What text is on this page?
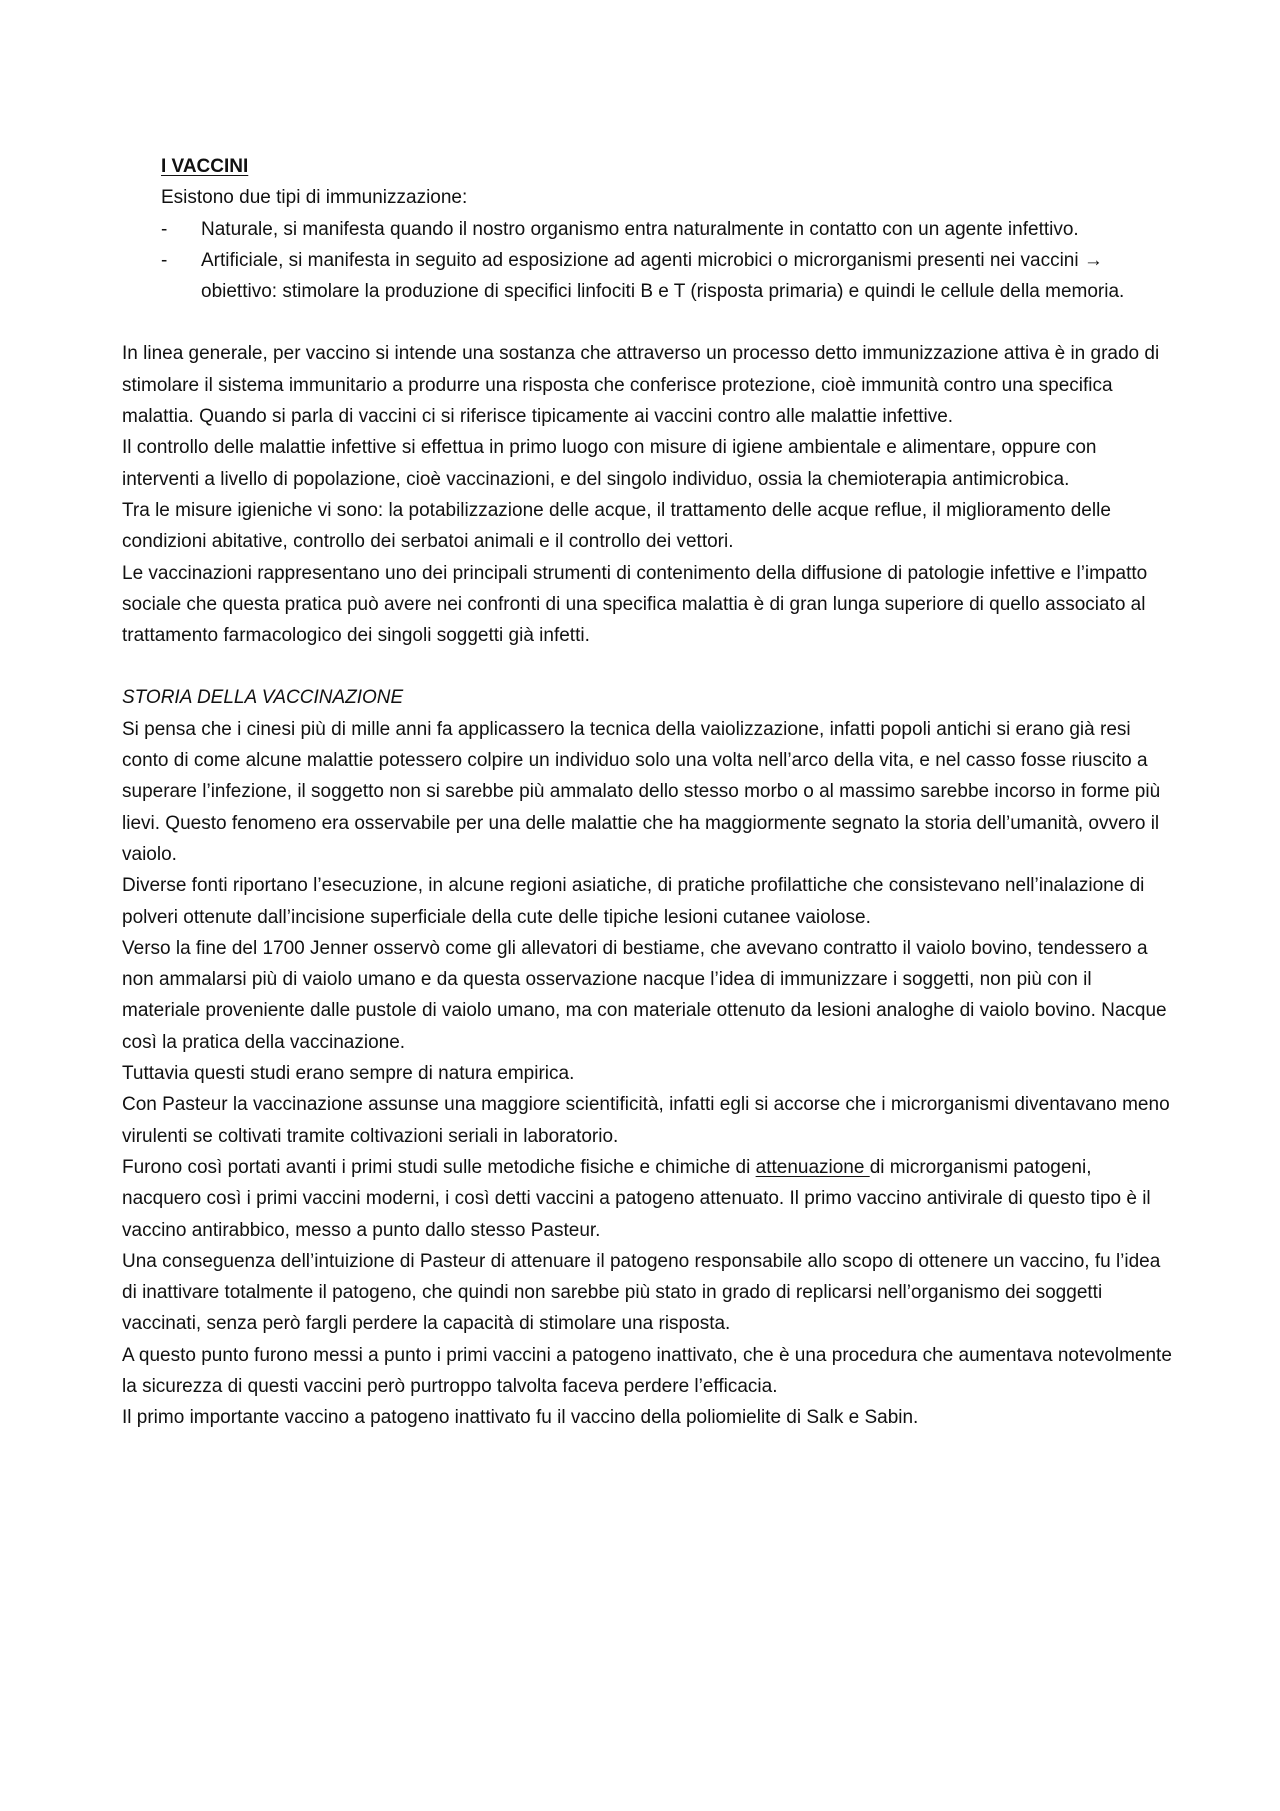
I VACCINI

Esistono due tipi di immunizzazione:

- Naturale, si manifesta quando il nostro organismo entra naturalmente in contatto con un agente infettivo.
- Artificiale, si manifesta in seguito ad esposizione ad agenti microbici o microrganismi presenti nei vaccini → obiettivo: stimolare la produzione di specifici linfociti B e T (risposta primaria) e quindi le cellule della memoria.

In linea generale, per vaccino si intende una sostanza che attraverso un processo detto immunizzazione attiva è in grado di stimolare il sistema immunitario a produrre una risposta che conferisce protezione, cioè immunità contro una specifica malattia. Quando si parla di vaccini ci si riferisce tipicamente ai vaccini contro alle malattie infettive.

Il controllo delle malattie infettive si effettua in primo luogo con misure di igiene ambientale e alimentare, oppure con interventi a livello di popolazione, cioè vaccinazioni, e del singolo individuo, ossia la chemioterapia antimicrobica.

Tra le misure igieniche vi sono: la potabilizzazione delle acque, il trattamento delle acque reflue, il miglioramento delle condizioni abitative, controllo dei serbatoi animali e il controllo dei vettori.

Le vaccinazioni rappresentano uno dei principali strumenti di contenimento della diffusione di patologie infettive e l’impatto sociale che questa pratica può avere nei confronti di una specifica malattia è di gran lunga superiore di quello associato al trattamento farmacologico dei singoli soggetti già infetti.

STORIA DELLA VACCINAZIONE

Si pensa che i cinesi più di mille anni fa applicassero la tecnica della vaiolizzazione, infatti popoli antichi si erano già resi conto di come alcune malattie potessero colpire un individuo solo una volta nell’arco della vita, e nel casso fosse riuscito a superare l’infezione, il soggetto non si sarebbe più ammalato dello stesso morbo o al massimo sarebbe incorso in forme più lievi. Questo fenomeno era osservabile per una delle malattie che ha maggiormente segnato la storia dell’umanità, ovvero il vaiolo.

Diverse fonti riportano l’esecuzione, in alcune regioni asiatiche, di pratiche profilattiche che consistevano nell’inalazione di polveri ottenute dall’incisione superficiale della cute delle tipiche lesioni cutanee vaiolose.

Verso la fine del 1700 Jenner osservò come gli allevatori di bestiame, che avevano contratto il vaiolo bovino, tendessero a non ammalarsi più di vaiolo umano e da questa osservazione nacque l’idea di immunizzare i soggetti, non più con il materiale proveniente dalle pustole di vaiolo umano, ma con materiale ottenuto da lesioni analoghe di vaiolo bovino. Nacque così la pratica della vaccinazione.

Tuttavia questi studi erano sempre di natura empirica.

Con Pasteur la vaccinazione assunse una maggiore scientificità, infatti egli si accorse che i microrganismi diventavano meno virulenti se coltivati tramite coltivazioni seriali in laboratorio.

Furono così portati avanti i primi studi sulle metodiche fisiche e chimiche di attenuazione di microrganismi patogeni, nacquero così i primi vaccini moderni, i così detti vaccini a patogeno attenuato. Il primo vaccino antivirale di questo tipo è il vaccino antirabbico, messo a punto dallo stesso Pasteur.

Una conseguenza dell’intuizione di Pasteur di attenuare il patogeno responsabile allo scopo di ottenere un vaccino, fu l’idea di inattivare totalmente il patogeno, che quindi non sarebbe più stato in grado di replicarsi nell’organismo dei soggetti vaccinati, senza però fargli perdere la capacità di stimolare una risposta.

A questo punto furono messi a punto i primi vaccini a patogeno inattivato, che è una procedura che aumentava notevolmente la sicurezza di questi vaccini però purtroppo talvolta faceva perdere l’efficacia.

Il primo importante vaccino a patogeno inattivato fu il vaccino della poliomielite di Salk e Sabin.
